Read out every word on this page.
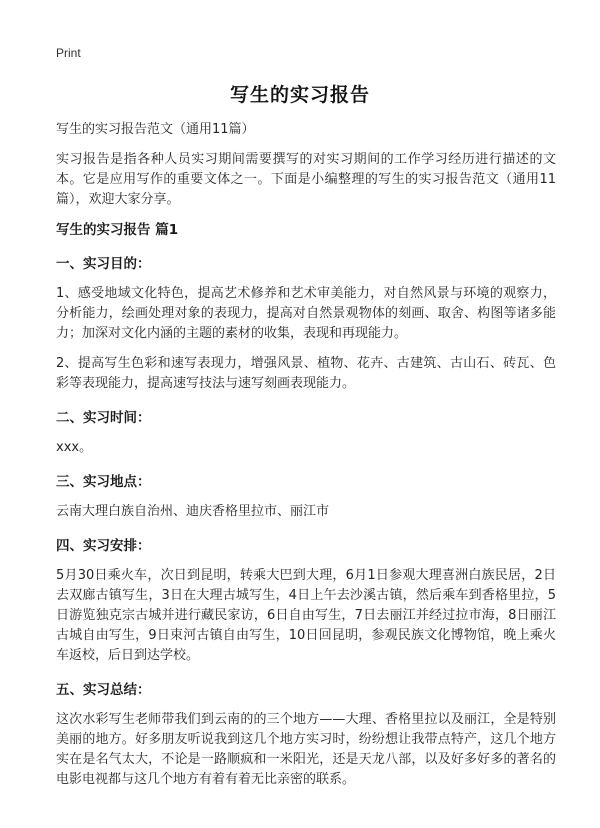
Print
写生的实习报告

写生的实习报告范文（通用11篇）

实习报告是指各种人员实习期间需要撰写的对实习期间的工作学习经历进行描述的文本。它是应用写作的重要文体之一。下面是小编整理的写生的实习报告范文（通用11篇），欢迎大家分享。

写生的实习报告 篇1

一、实习目的：

1、感受地域文化特色，提高艺术修养和艺术审美能力，对自然风景与环境的观察力，分析能力，绘画处理对象的表现力，提高对自然景观物体的刻画、取舍、构图等诸多能力；加深对文化内涵的主题的素材的收集，表现和再现能力。

2、提高写生色彩和速写表现力，增强风景、植物、花卉、古建筑、古山石、砖瓦、色彩等表现能力，提高速写技法与速写刻画表现能力。

二、实习时间：

xxx。

三、实习地点：

云南大理白族自治州、迪庆香格里拉市、丽江市

四、实习安排：

5月30日乘火车，次日到昆明，转乘大巴到大理，6月1日参观大理喜洲白族民居，2日去双廊古镇写生，3日在大理古城写生，4日上午去沙溪古镇，然后乘车到香格里拉，5日游览独克宗古城并进行藏民家访，6日自由写生，7日去丽江并经过拉市海，8日丽江古城自由写生，9日束河古镇自由写生，10日回昆明，参观民族文化博物馆，晚上乘火车返校，后日到达学校。

五、实习总结：

这次水彩写生老师带我们到云南的的三个地方——大理、香格里拉以及丽江，全是特别美丽的地方。好多朋友听说我到这几个地方实习时，纷纷想让我带点特产，这几个地方实在是名气太大，不论是一路顺疯和一米阳光，还是天龙八部，以及好多好多的著名的电影电视都与这几个地方有着有着无比亲密的联系。
